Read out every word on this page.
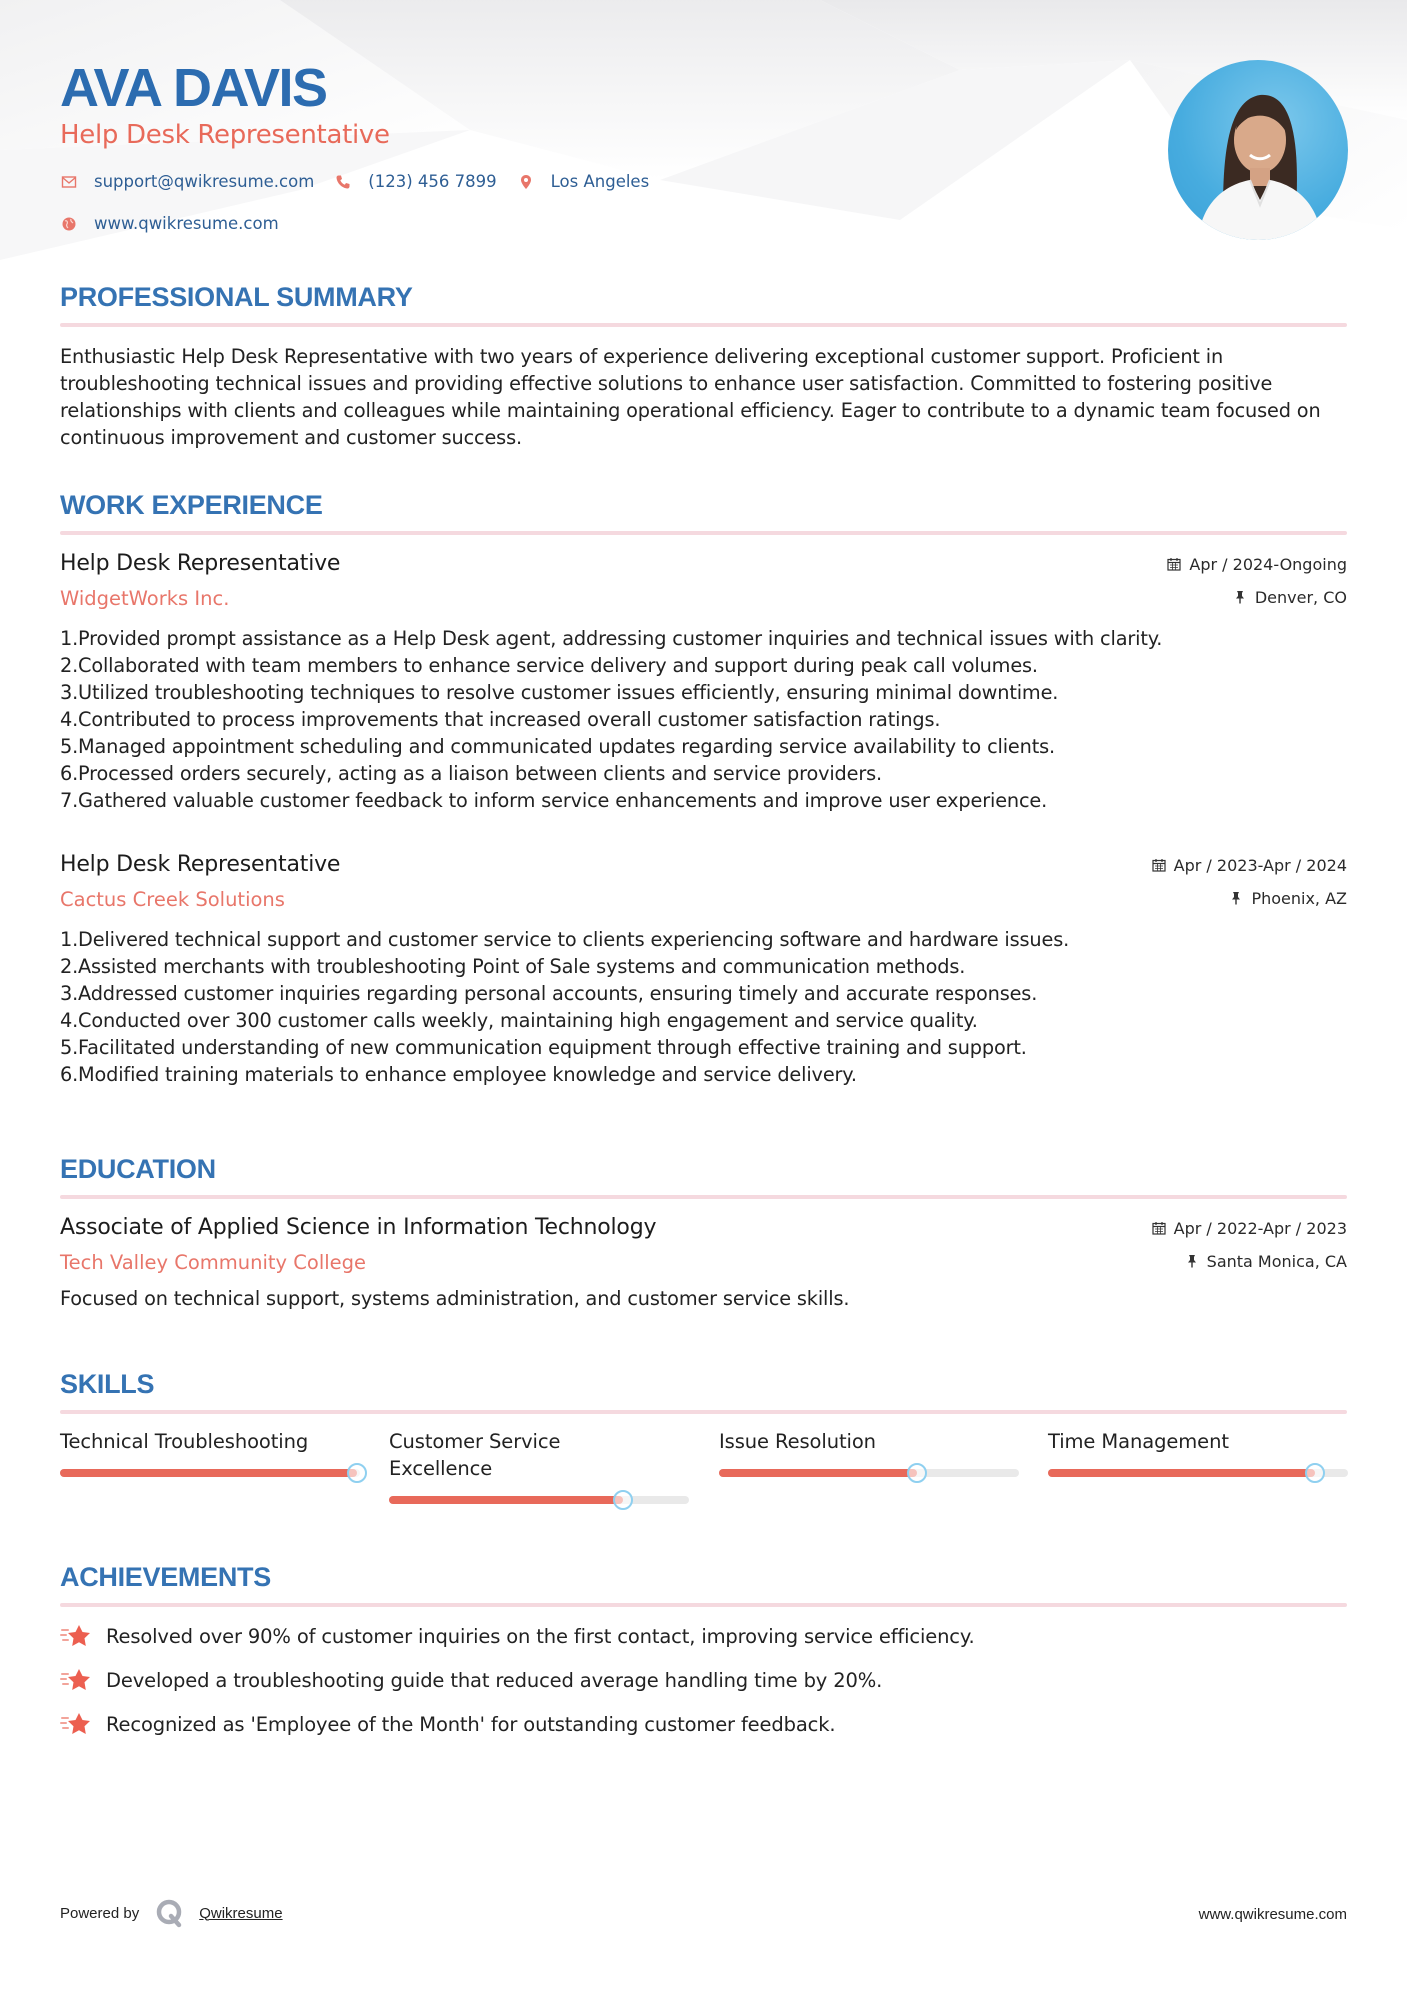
AVA DAVIS
Help Desk Representative
support@qwikresume.com	(123) 456 7899	Los Angeles
www.qwikresume.com
PROFESSIONAL SUMMARY

Enthusiastic Help Desk Representative with two years of experience delivering exceptional customer support. Proficient in troubleshooting technical issues and providing effective solutions to enhance user satisfaction. Committed to fostering positive relationships with clients and colleagues while maintaining operational efficiency. Eager to contribute to a dynamic team focused on continuous improvement and customer success.

WORK EXPERIENCE
Help Desk Representative
WidgetWorks Inc.
Apr / 2024-Ongoing
Denver, CO
1. Provided prompt assistance as a Help Desk agent, addressing customer inquiries and technical issues with clarity.
2. Collaborated with team members to enhance service delivery and support during peak call volumes.
3. Utilized troubleshooting techniques to resolve customer issues efficiently, ensuring minimal downtime.
4. Contributed to process improvements that increased overall customer satisfaction ratings.
5. Managed appointment scheduling and communicated updates regarding service availability to clients.
6. Processed orders securely, acting as a liaison between clients and service providers.
7. Gathered valuable customer feedback to inform service enhancements and improve user experience.
Help Desk Representative
Cactus Creek Solutions
Apr / 2023-Apr / 2024
Phoenix, AZ
1. Delivered technical support and customer service to clients experiencing software and hardware issues.
2. Assisted merchants with troubleshooting Point of Sale systems and communication methods.
3. Addressed customer inquiries regarding personal accounts, ensuring timely and accurate responses.
4. Conducted over 300 customer calls weekly, maintaining high engagement and service quality.
5. Facilitated understanding of new communication equipment through effective training and support.
6. Modified training materials to enhance employee knowledge and service delivery.
EDUCATION
Associate of Applied Science in Information Technology
Tech Valley Community College
Apr / 2022-Apr / 2023
Santa Monica, CA
Focused on technical support, systems administration, and customer service skills.
SKILLS
Technical Troubleshooting	Customer Service Excellence
Issue Resolution	Time Management
ACHIEVEMENTS
Resolved over 90% of customer inquiries on the first contact, improving service efficiency.
Developed a troubleshooting guide that reduced average handling time by 20%.
Recognized as 'Employee of the Month' for outstanding customer feedback.
Powered by	Qwikresume	www.qwikresume.com
